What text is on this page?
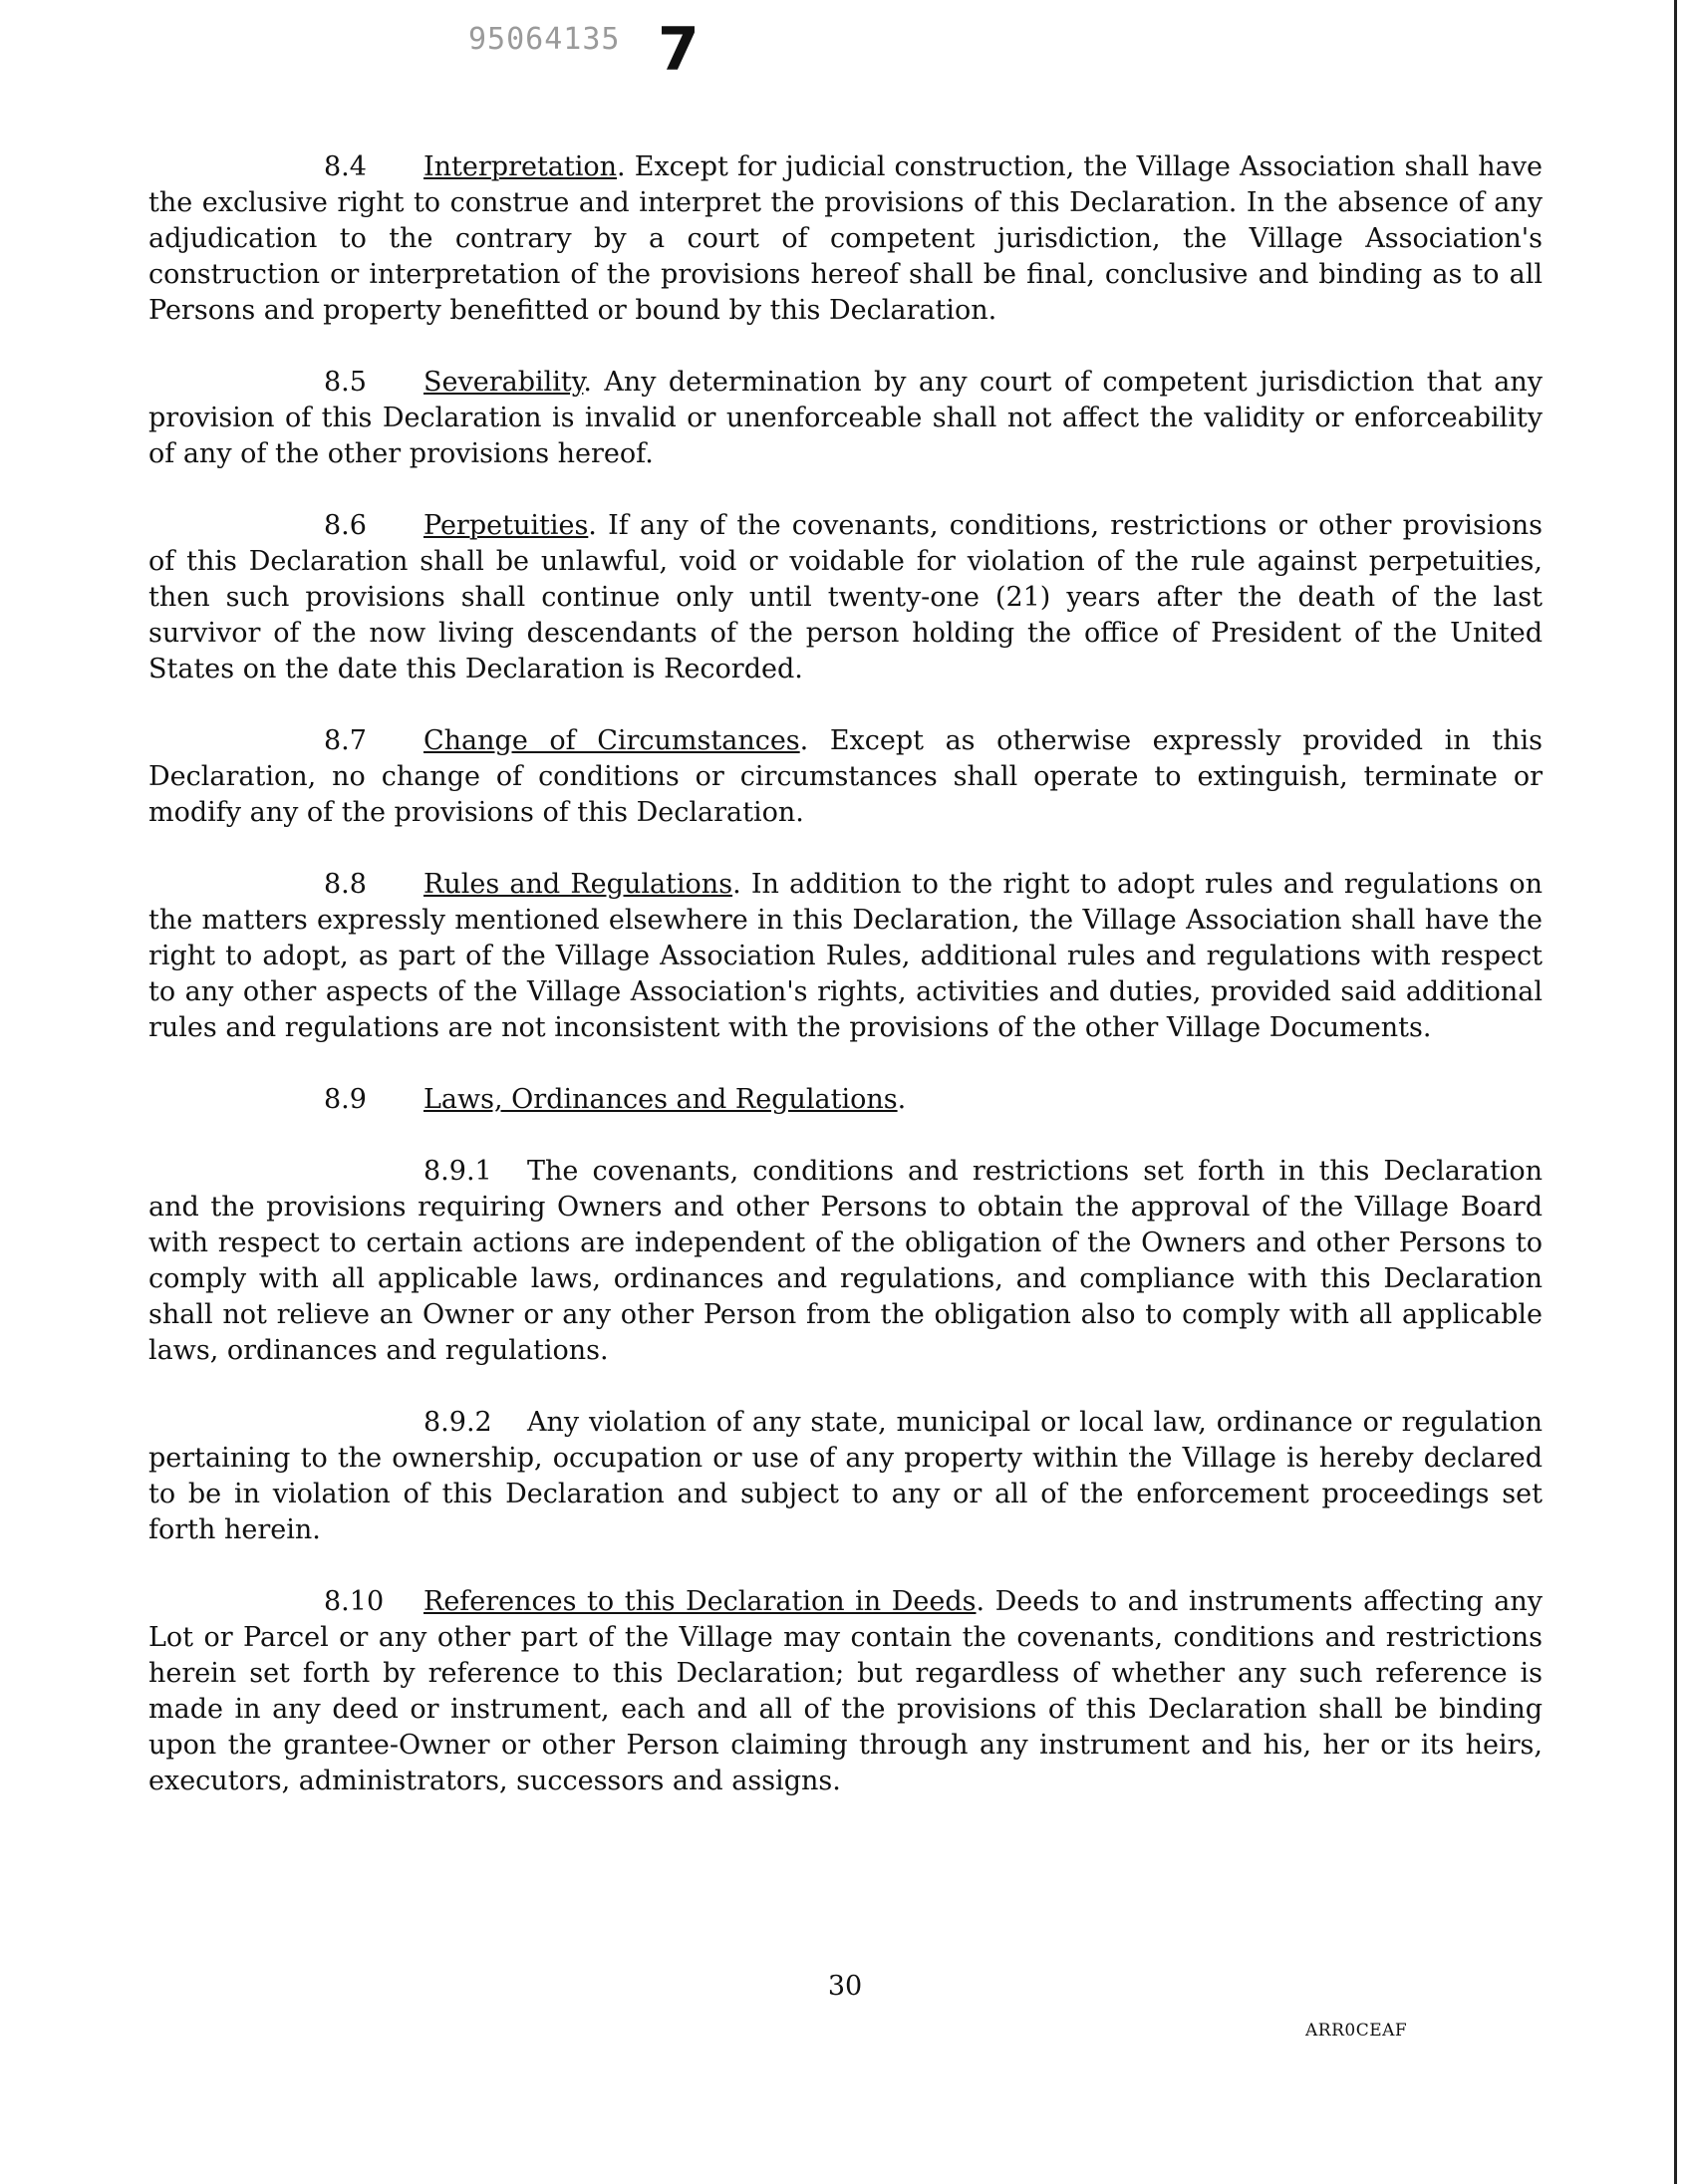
95064135 7

8.4 Interpretation. Except for judicial construction, the Village Association shall have the exclusive right to construe and interpret the provisions of this Declaration. In the absence of any adjudication to the contrary by a court of competent jurisdiction, the Village Association's construction or interpretation of the provisions hereof shall be final, conclusive and binding as to all Persons and property benefitted or bound by this Declaration.

8.5 Severability. Any determination by any court of competent jurisdiction that any provision of this Declaration is invalid or unenforceable shall not affect the validity or enforceability of any of the other provisions hereof.

8.6 Perpetuities. If any of the covenants, conditions, restrictions or other provisions of this Declaration shall be unlawful, void or voidable for violation of the rule against perpetuities, then such provisions shall continue only until twenty-one (21) years after the death of the last survivor of the now living descendants of the person holding the office of President of the United States on the date this Declaration is Recorded.

8.7 Change of Circumstances. Except as otherwise expressly provided in this Declaration, no change of conditions or circumstances shall operate to extinguish, terminate or modify any of the provisions of this Declaration.

8.8 Rules and Regulations. In addition to the right to adopt rules and regulations on the matters expressly mentioned elsewhere in this Declaration, the Village Association shall have the right to adopt, as part of the Village Association Rules, additional rules and regulations with respect to any other aspects of the Village Association's rights, activities and duties, provided said additional rules and regulations are not inconsistent with the provisions of the other Village Documents.

8.9 Laws, Ordinances and Regulations.

8.9.1 The covenants, conditions and restrictions set forth in this Declaration and the provisions requiring Owners and other Persons to obtain the approval of the Village Board with respect to certain actions are independent of the obligation of the Owners and other Persons to comply with all applicable laws, ordinances and regulations, and compliance with this Declaration shall not relieve an Owner or any other Person from the obligation also to comply with all applicable laws, ordinances and regulations.

8.9.2 Any violation of any state, municipal or local law, ordinance or regulation pertaining to the ownership, occupation or use of any property within the Village is hereby declared to be in violation of this Declaration and subject to any or all of the enforcement proceedings set forth herein.

8.10 References to this Declaration in Deeds. Deeds to and instruments affecting any Lot or Parcel or any other part of the Village may contain the covenants, conditions and restrictions herein set forth by reference to this Declaration; but regardless of whether any such reference is made in any deed or instrument, each and all of the provisions of this Declaration shall be binding upon the grantee-Owner or other Person claiming through any instrument and his, her or its heirs, executors, administrators, successors and assigns.

30
ARR0CEAF
